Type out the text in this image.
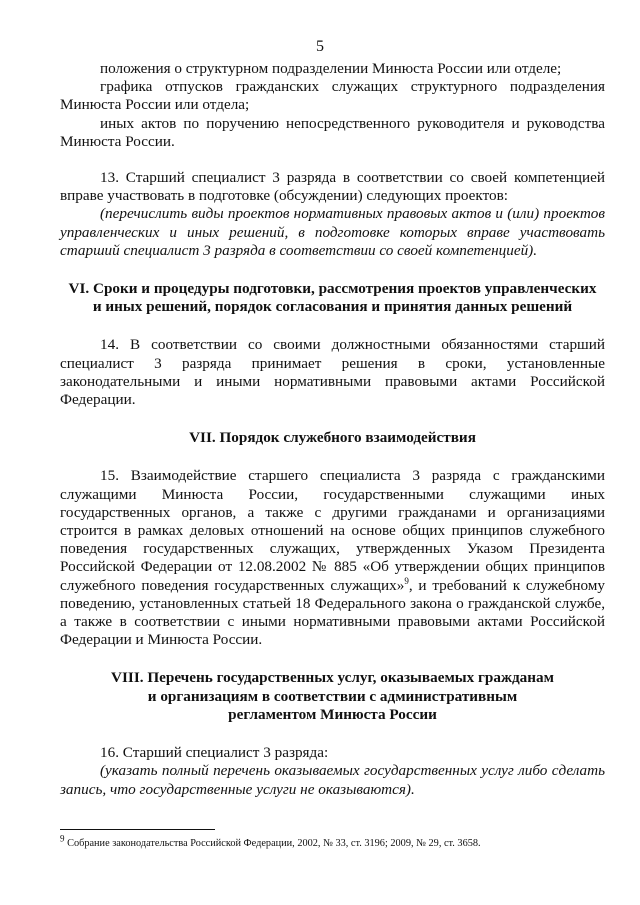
5

положения о структурном подразделении Минюста России или отделе;

графика отпусков гражданских служащих структурного подразделения Минюста России или отдела;

иных актов по поручению непосредственного руководителя и руководства Минюста России.

13. Старший специалист 3 разряда в соответствии со своей компетенцией вправе участвовать в подготовке (обсуждении) следующих проектов:

(перечислить виды проектов нормативных правовых актов и (или) проектов управленческих и иных решений, в подготовке которых вправе участвовать старший специалист 3 разряда в соответствии со своей компетенцией).

VI. Сроки и процедуры подготовки, рассмотрения проектов управленческих

и иных решений, порядок согласования и принятия данных решений

14. В соответствии со своими должностными обязанностями старший специалист 3 разряда принимает решения в сроки, установленные законодательными и иными нормативными правовыми актами Российской Федерации.

VII. Порядок служебного взаимодействия

15. Взаимодействие старшего специалиста 3 разряда с гражданскими служащими Минюста России, государственными служащими иных государственных органов, а также с другими гражданами и организациями строится в рамках деловых отношений на основе общих принципов служебного поведения государственных служащих, утвержденных Указом Президента Российской Федерации от 12.08.2002 № 885 «Об утверждении общих принципов служебного поведения государственных служащих»$^9$, и требований к служебному поведению, установленных статьей 18 Федерального закона о гражданской службе, а также в соответствии с иными нормативными правовыми актами Российской Федерации и Минюста России.

VIII. Перечень государственных услуг, оказываемых гражданам

и организациям в соответствии с административным

регламентом Минюста России

16. Старший специалист 3 разряда:

(указать полный перечень оказываемых государственных услуг либо сделать запись, что государственные услуги не оказываются).

$^9$ Собрание законодательства Российской Федерации, 2002, № 33, ст. 3196; 2009, № 29, ст. 3658.
